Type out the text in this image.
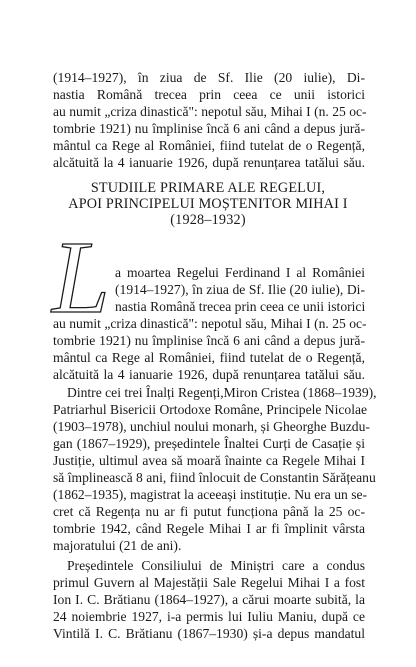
(1914–1927), în ziua de Sf. Ilie (20 iulie), Di-
nastia Română trecea prin ceea ce unii istorici
au numit „criza dinastică": nepotul său, Mihai I (n. 25 oc-
tombrie 1921) nu împlinise încă 6 ani când a depus jură-
mântul ca Rege al României, fiind tutelat de o Regență,
alcătuită la 4 ianuarie 1926, după renunțarea tatălui său.
STUDIILE PRIMARE ALE REGELUI,
APOI PRINCIPELUI MOȘTENITOR MIHAI I
(1928–1932)
L a moartea Regelui Ferdinand I al României
(1914–1927), în ziua de Sf. Ilie (20 iulie), Di-
nastia Română trecea prin ceea ce unii istorici
au numit „criza dinastică": nepotul său, Mihai I (n. 25 oc-
tombrie 1921) nu împlinise încă 6 ani când a depus jură-
mântul ca Rege al României, fiind tutelat de o Regență,
alcătuită la 4 ianuarie 1926, după renunțarea tatălui său.
Dintre cei trei Înalți Regenți,Miron Cristea (1868–1939),
Patriarhul Bisericii Ortodoxe Române, Principele Nicolae
(1903–1978), unchiul noului monarh, și Gheorghe Buzdu-
gan (1867–1929), președintele Înaltei Curți de Casație și
Justiție, ultimul avea să moară înainte ca Regele Mihai I
să împlinească 8 ani, fiind înlocuit de Constantin Sărățeanu
(1862–1935), magistrat la aceeași instituție. Nu era un se-
cret că Regența nu ar fi putut funcționa până la 25 oc-
tombrie 1942, când Regele Mihai I ar fi împlinit vârsta
majoratului (21 de ani).
Președintele Consiliului de Miniștri care a condus
primul Guvern al Majestății Sale Regelui Mihai I a fost
Ion I. C. Brătianu (1864–1927), a cărui moarte subită, la
24 noiembrie 1927, i-a permis lui Iuliu Maniu, după ce
Vintilă I. C. Brătianu (1867–1930) și-a depus mandatul
